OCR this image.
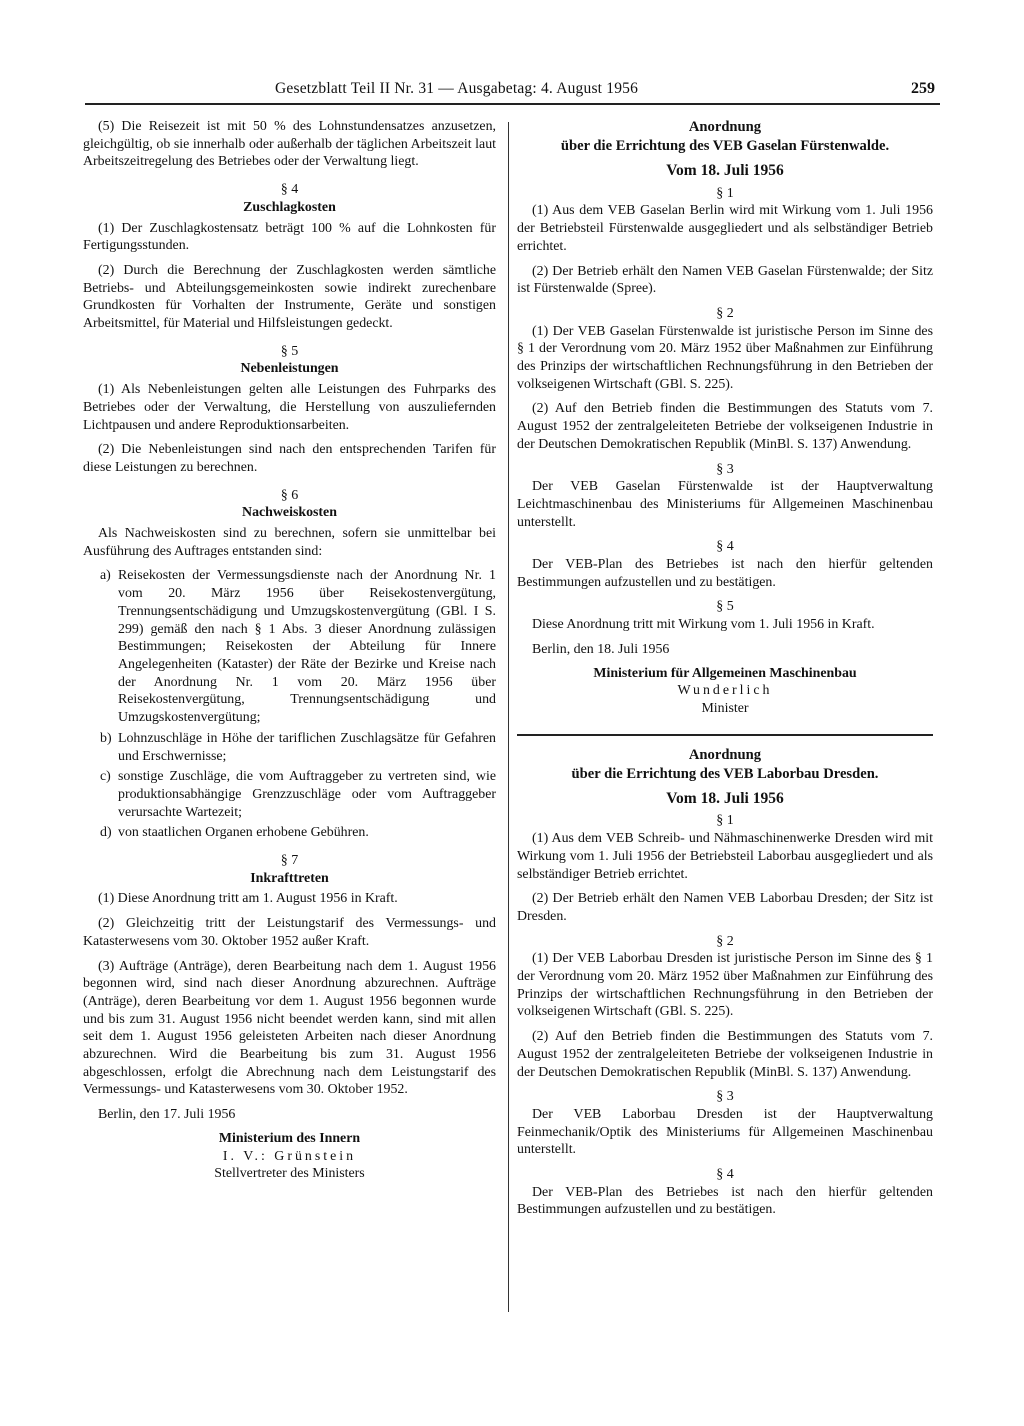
Gesetzblatt Teil II Nr. 31 — Ausgabetag: 4. August 1956	259

(5) Die Reisezeit ist mit 50 % des Lohnstundensatzes anzusetzen, gleichgültig, ob sie innerhalb oder außerhalb der täglichen Arbeitszeit laut Arbeitszeitregelung des Betriebes oder der Verwaltung liegt.

§ 4
Zuschlagkosten

(1) Der Zuschlagkostensatz beträgt 100 % auf die Lohnkosten für Fertigungsstunden.

(2) Durch die Berechnung der Zuschlagkosten werden sämtliche Betriebs- und Abteilungsgemeinkosten sowie indirekt zurechenbare Grundkosten für Vorhalten der Instrumente, Geräte und sonstigen Arbeitsmittel, für Material und Hilfsleistungen gedeckt.

§ 5
Nebenleistungen

(1) Als Nebenleistungen gelten alle Leistungen des Fuhrparks des Betriebes oder der Verwaltung, die Herstellung von auszuliefernden Lichtpausen und andere Reproduktionsarbeiten.

(2) Die Nebenleistungen sind nach den entsprechenden Tarifen für diese Leistungen zu berechnen.

§ 6
Nachweiskosten

Als Nachweiskosten sind zu berechnen, sofern sie unmittelbar bei Ausführung des Auftrages entstanden sind:

a) Reisekosten der Vermessungsdienste nach der Anordnung Nr. 1 vom 20. März 1956 über Reisekostenvergütung, Trennungsentschädigung und Umzugskostenvergütung (GBl. I S. 299) gemäß den nach § 1 Abs. 3 dieser Anordnung zulässigen Bestimmungen; Reisekosten der Abteilung für Innere Angelegenheiten (Kataster) der Räte der Bezirke und Kreise nach der Anordnung Nr. 1 vom 20. März 1956 über Reisekostenvergütung, Trennungsentschädigung und Umzugskostenvergütung;
b) Lohnzuschläge in Höhe der tariflichen Zuschlagsätze für Gefahren und Erschwernisse;
c) sonstige Zuschläge, die vom Auftraggeber zu vertreten sind, wie produktionsabhängige Grenzzuschläge oder vom Auftraggeber verursachte Wartezeit;
d) von staatlichen Organen erhobene Gebühren.
§ 7
Inkrafttreten

(1) Diese Anordnung tritt am 1. August 1956 in Kraft.

(2) Gleichzeitig tritt der Leistungstarif des Vermessungs- und Katasterwesens vom 30. Oktober 1952 außer Kraft.

(3) Aufträge (Anträge), deren Bearbeitung nach dem 1. August 1956 begonnen wird, sind nach dieser Anordnung abzurechnen. Aufträge (Anträge), deren Bearbeitung vor dem 1. August 1956 begonnen wurde und bis zum 31. August 1956 nicht beendet werden kann, sind mit allen seit dem 1. August 1956 geleisteten Arbeiten nach dieser Anordnung abzurechnen. Wird die Bearbeitung bis zum 31. August 1956 abgeschlossen, erfolgt die Abrechnung nach dem Leistungstarif des Vermessungs- und Katasterwesens vom 30. Oktober 1952.

Berlin, den 17. Juli 1956
Ministerium des Innern
I. V.: Grünstein
Stellvertreter des Ministers
Anordnung
über die Errichtung des VEB Gaselan Fürstenwalde.
Vom 18. Juli 1956
§ 1

(1) Aus dem VEB Gaselan Berlin wird mit Wirkung vom 1. Juli 1956 der Betriebsteil Fürstenwalde ausgegliedert und als selbständiger Betrieb errichtet.

(2) Der Betrieb erhält den Namen VEB Gaselan Fürstenwalde; der Sitz ist Fürstenwalde (Spree).

§ 2

(1) Der VEB Gaselan Fürstenwalde ist juristische Person im Sinne des § 1 der Verordnung vom 20. März 1952 über Maßnahmen zur Einführung des Prinzips der wirtschaftlichen Rechnungsführung in den Betrieben der volkseigenen Wirtschaft (GBl. S. 225).

(2) Auf den Betrieb finden die Bestimmungen des Statuts vom 7. August 1952 der zentralgeleiteten Betriebe der volkseigenen Industrie in der Deutschen Demokratischen Republik (MinBl. S. 137) Anwendung.

§ 3

Der VEB Gaselan Fürstenwalde ist der Hauptverwaltung Leichtmaschinenbau des Ministeriums für Allgemeinen Maschinenbau unterstellt.

§ 4

Der VEB-Plan des Betriebes ist nach den hierfür geltenden Bestimmungen aufzustellen und zu bestätigen.

§ 5

Diese Anordnung tritt mit Wirkung vom 1. Juli 1956 in Kraft.

Berlin, den 18. Juli 1956
Ministerium für Allgemeinen Maschinenbau
Wunderlich
Minister
Anordnung
über die Errichtung des VEB Laborbau Dresden.
Vom 18. Juli 1956
§ 1

(1) Aus dem VEB Schreib- und Nähmaschinenwerke Dresden wird mit Wirkung vom 1. Juli 1956 der Betriebsteil Laborbau ausgegliedert und als selbständiger Betrieb errichtet.

(2) Der Betrieb erhält den Namen VEB Laborbau Dresden; der Sitz ist Dresden.

§ 2

(1) Der VEB Laborbau Dresden ist juristische Person im Sinne des § 1 der Verordnung vom 20. März 1952 über Maßnahmen zur Einführung des Prinzips der wirtschaftlichen Rechnungsführung in den Betrieben der volkseigenen Wirtschaft (GBl. S. 225).

(2) Auf den Betrieb finden die Bestimmungen des Statuts vom 7. August 1952 der zentralgeleiteten Betriebe der volkseigenen Industrie in der Deutschen Demokratischen Republik (MinBl. S. 137) Anwendung.

§ 3

Der VEB Laborbau Dresden ist der Hauptverwaltung Feinmechanik/Optik des Ministeriums für Allgemeinen Maschinenbau unterstellt.

§ 4

Der VEB-Plan des Betriebes ist nach den hierfür geltenden Bestimmungen aufzustellen und zu bestätigen.
